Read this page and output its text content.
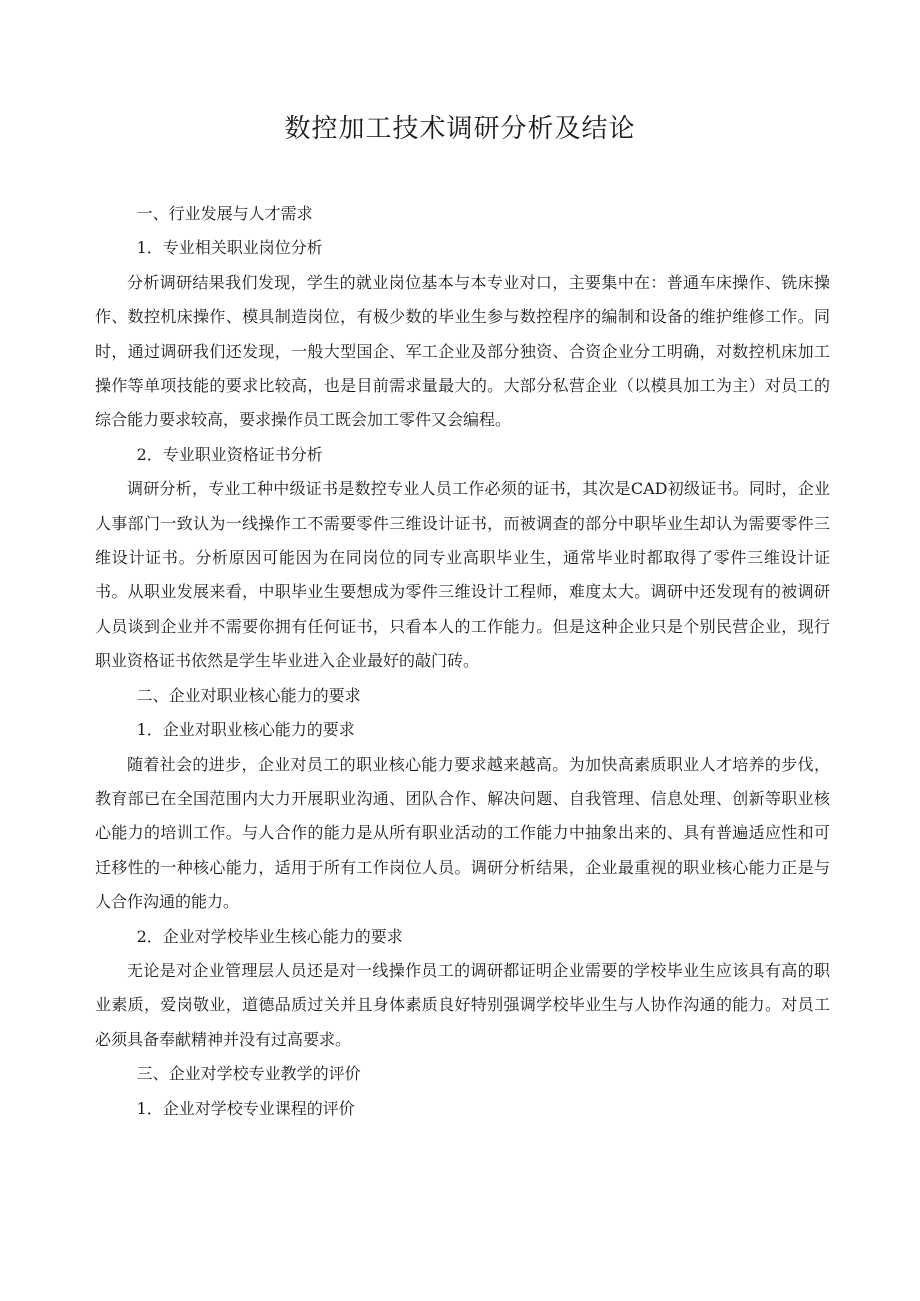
数控加工技术调研分析及结论

一、行业发展与人才需求

1．专业相关职业岗位分析

分析调研结果我们发现，学生的就业岗位基本与本专业对口，主要集中在：普通车床操作、铣床操作、数控机床操作、模具制造岗位，有极少数的毕业生参与数控程序的编制和设备的维护维修工作。同时，通过调研我们还发现，一般大型国企、军工企业及部分独资、合资企业分工明确，对数控机床加工操作等单项技能的要求比较高，也是目前需求量最大的。大部分私营企业（以模具加工为主）对员工的综合能力要求较高，要求操作员工既会加工零件又会编程。

2．专业职业资格证书分析

调研分析，专业工种中级证书是数控专业人员工作必须的证书，其次是CAD初级证书。同时，企业人事部门一致认为一线操作工不需要零件三维设计证书，而被调查的部分中职毕业生却认为需要零件三维设计证书。分析原因可能因为在同岗位的同专业高职毕业生，通常毕业时都取得了零件三维设计证书。从职业发展来看，中职毕业生要想成为零件三维设计工程师，难度太大。调研中还发现有的被调研人员谈到企业并不需要你拥有任何证书，只看本人的工作能力。但是这种企业只是个别民营企业，现行职业资格证书依然是学生毕业进入企业最好的敲门砖。

二、企业对职业核心能力的要求

1．企业对职业核心能力的要求

随着社会的进步，企业对员工的职业核心能力要求越来越高。为加快高素质职业人才培养的步伐，教育部已在全国范围内大力开展职业沟通、团队合作、解决问题、自我管理、信息处理、创新等职业核心能力的培训工作。与人合作的能力是从所有职业活动的工作能力中抽象出来的、具有普遍适应性和可迁移性的一种核心能力，适用于所有工作岗位人员。调研分析结果，企业最重视的职业核心能力正是与人合作沟通的能力。

2．企业对学校毕业生核心能力的要求

无论是对企业管理层人员还是对一线操作员工的调研都证明企业需要的学校毕业生应该具有高的职业素质，爱岗敬业，道德品质过关并且身体素质良好特别强调学校毕业生与人协作沟通的能力。对员工必须具备奉献精神并没有过高要求。

三、企业对学校专业教学的评价

1．企业对学校专业课程的评价
